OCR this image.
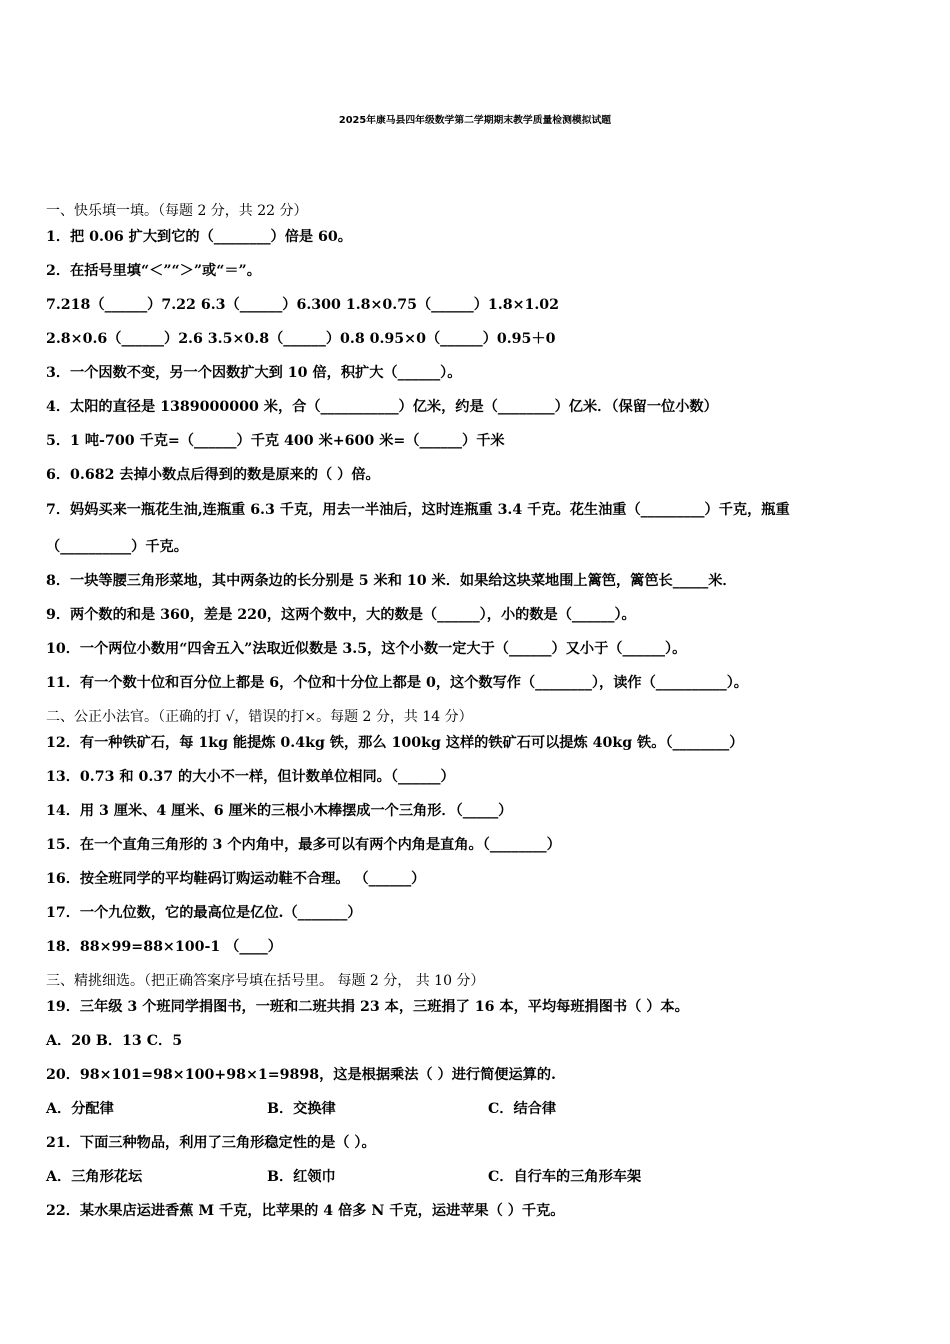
2025年康马县四年级数学第二学期期末教学质量检测模拟试题
一、快乐填一填。（每题 2 分，共 22 分）
1．把 0.06 扩大到它的（________）倍是 60。
2．在括号里填“＜”“＞”或“＝”。
7.218（______）7.22 6.3（______）6.300 1.8×0.75（______）1.8×1.02
2.8×0.6（______）2.6 3.5×0.8（______）0.8 0.95×0（______）0.95＋0
3．一个因数不变，另一个因数扩大到 10 倍，积扩大（______）。
4．太阳的直径是 1389000000 米，合（___________）亿米，约是（________）亿米．（保留一位小数）
5．1 吨-700 千克=（______）千克 400 米+600 米=（______）千米
6．0.682 去掉小数点后得到的数是原来的（ ）倍。
7．妈妈买来一瓶花生油,连瓶重 6.3 千克，用去一半油后，这时连瓶重 3.4 千克。花生油重（_________）千克，瓶重
（__________）千克。
8．一块等腰三角形菜地，其中两条边的长分别是 5 米和 10 米．如果给这块菜地围上篱笆，篱笆长_____米．
9．两个数的和是 360，差是 220，这两个数中，大的数是（______），小的数是（______）。
10．一个两位小数用“四舍五入”法取近似数是 3.5，这个小数一定大于（______）又小于（______）。
11．有一个数十位和百分位上都是 6，个位和十分位上都是 0，这个数写作（________），读作（__________）。
二、公正小法官。（正确的打 √，错误的打×。每题 2 分，共 14 分）
12．有一种铁矿石，每 1kg 能提炼 0.4kg 铁，那么 100kg 这样的铁矿石可以提炼 40kg 铁。（________）
13．0.73 和 0.37 的大小不一样，但计数单位相同。（______）
14．用 3 厘米、4 厘米、6 厘米的三根小木棒摆成一个三角形．（_____）
15．在一个直角三角形的 3 个内角中，最多可以有两个内角是直角。（________）
16．按全班同学的平均鞋码订购运动鞋不合理。 （______）
17．一个九位数，它的最高位是亿位.（_______）
18．88×99=88×100-1 （____）
三、精挑细选。（把正确答案序号填在括号里。 每题 2 分， 共 10 分）
19．三年级 3 个班同学捐图书，一班和二班共捐 23 本，三班捐了 16 本，平均每班捐图书（ ）本。
A．20 B．13 C．5
20．98×101=98×100+98×1=9898，这是根据乘法（ ）进行简便运算的.
A．分配律	B．交换律	C．结合律
21．下面三种物品，利用了三角形稳定性的是（ ）。
A．三角形花坛	B．红领巾	C．自行车的三角形车架
22．某水果店运进香蕉 M 千克，比苹果的 4 倍多 N 千克，运进苹果（ ）千克。
